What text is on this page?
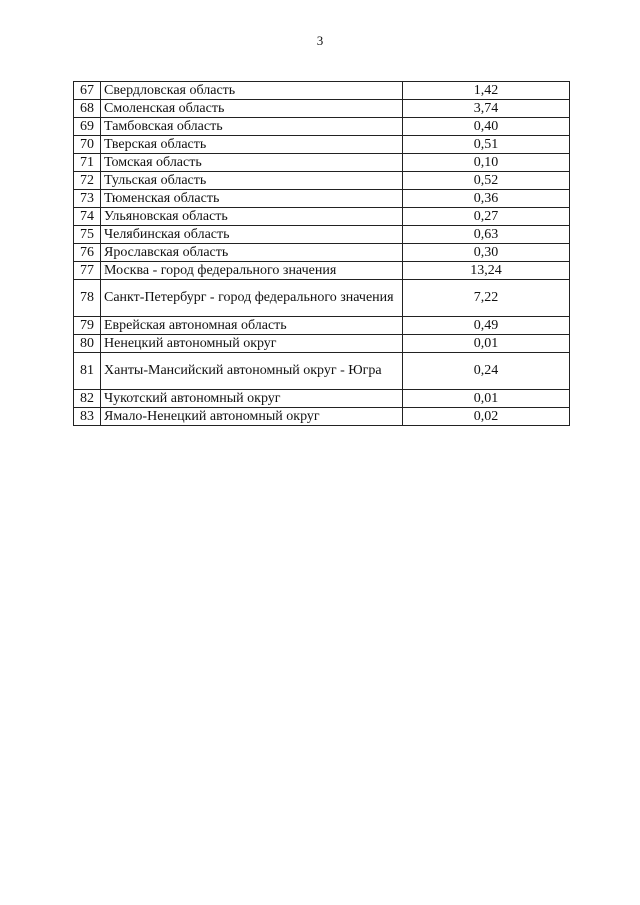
3
67	Свердловская область	1,42
68	Смоленская область	3,74
69	Тамбовская область	0,40
70	Тверская область	0,51
71	Томская область	0,10
72	Тульская область	0,52
73	Тюменская область	0,36
74	Ульяновская область	0,27
75	Челябинская область	0,63
76	Ярославская область	0,30
77	Москва - город федерального значения	13,24
78	Санкт-Петербург - город федерального значения	7,22
79	Еврейская автономная область	0,49
80	Ненецкий автономный округ	0,01
81	Ханты-Мансийский автономный округ - Югра	0,24
82	Чукотский автономный округ	0,01
83	Ямало-Ненецкий автономный округ	0,02
